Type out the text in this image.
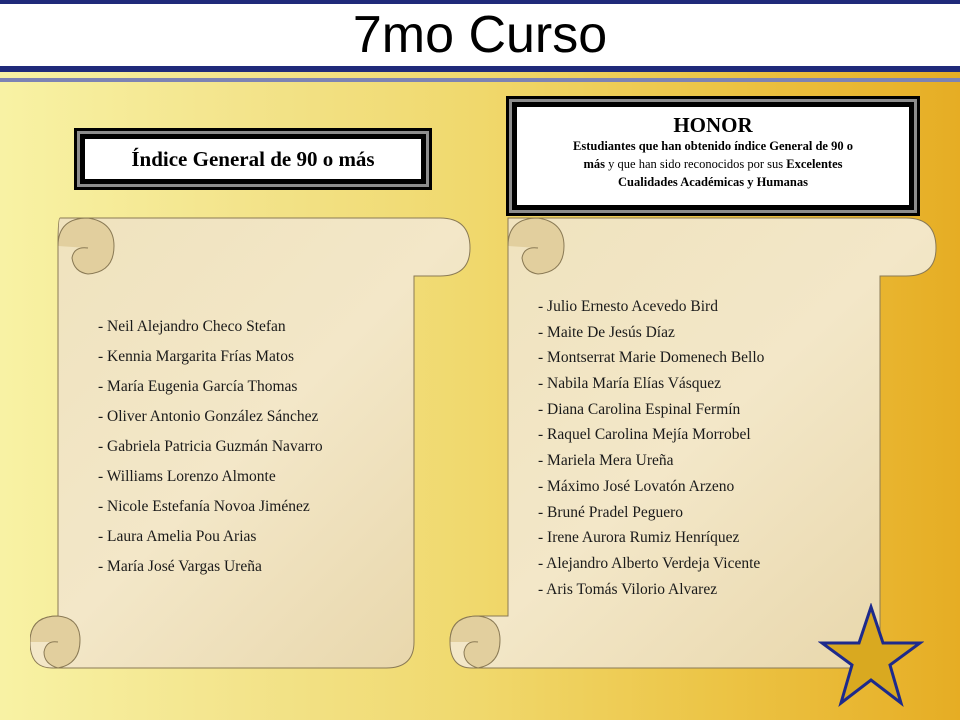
7mo Curso
Índice General de 90 o más
HONOR
Estudiantes que han obtenido índice General de 90 o
más y que han sido reconocidos por sus Excelentes
Cualidades Académicas y Humanas
- Neil Alejandro Checo Stefan
- Kennia Margarita Frías Matos
- María Eugenia García Thomas
- Oliver Antonio González Sánchez
- Gabriela Patricia Guzmán Navarro
- Williams Lorenzo Almonte
- Nicole Estefanía Novoa Jiménez
- Laura Amelia Pou Arias
- María José Vargas Ureña
- Julio Ernesto Acevedo Bird
- Maite De Jesús Díaz
- Montserrat Marie Domenech Bello
- Nabila María Elías Vásquez
- Diana Carolina Espinal Fermín
- Raquel Carolina Mejía Morrobel
- Mariela Mera Ureña
- Máximo José Lovatón Arzeno
- Bruné Pradel Peguero
- Irene Aurora Rumiz Henríquez
- Alejandro Alberto Verdeja Vicente
- Aris Tomás Vilorio Alvarez
